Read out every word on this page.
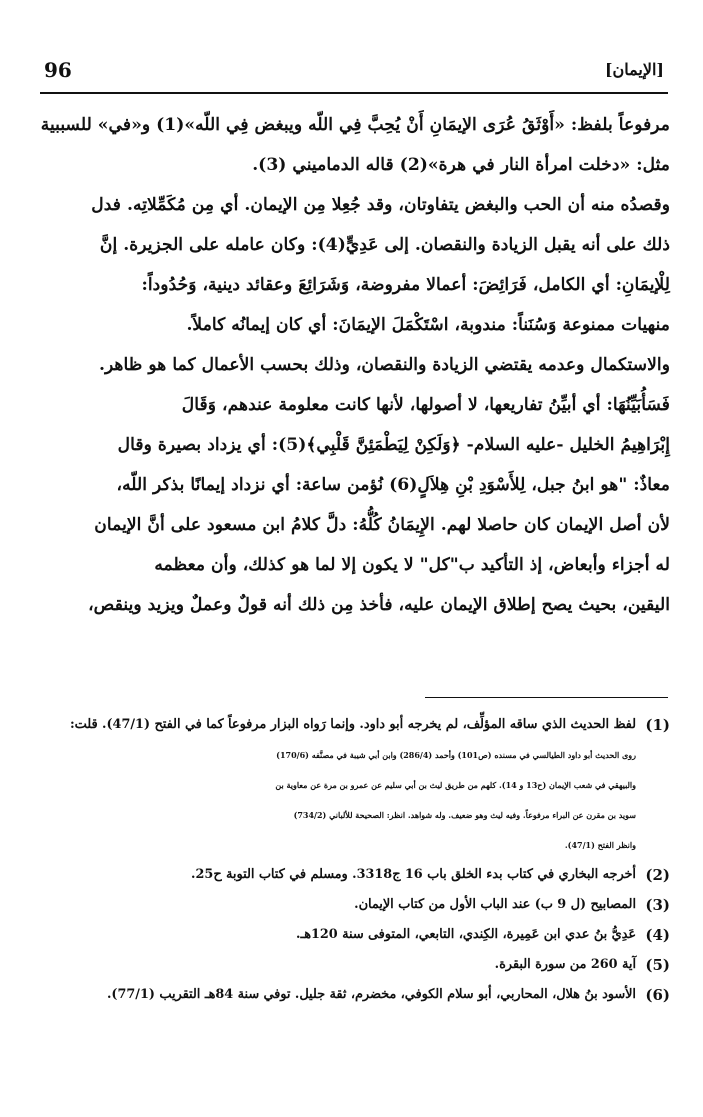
96	[الإيمان]
مرفوعاً بلفظ: «أَوْثَقُ عُرَى الإيمَانِ أَنْ يُحِبَّ فِي اللّه ويبغض فِي اللّه»(1) و«في» للسببية
مثل: «دخلت امرأة النار في هرة»(2) قاله الدماميني (3).
وقصدُه منه أن الحب والبغض يتفاوتان، وقد جُعِلا مِن الإيمان. أي مِن مُكَمِّلاتِه. فدل
ذلك على أنه يقبل الزيادة والنقصان. إلى عَدِيٍّ(4): وكان عامله على الجزيرة. إنَّ
لِلْإيمَانِ: أي الكامل، فَرَائِضَ: أعمالا مفروضة، وَشَرَائِعَ وعقائد دينية، وَحُدُوداً:
منهيات ممنوعة وَسُنَناً: مندوبة، اسْتَكْمَلَ الإيمَانَ: أي كان إيمانُه كاملاً.
والاستكمال وعدمه يقتضي الزيادة والنقصان، وذلك بحسب الأعمال كما هو ظاهر.
فَسَأُبَيِّنُهَا: أي أبيِّنُ تفاريعها، لا أصولها، لأنها كانت معلومة عندهم، وَقَالَ
إِبْرَاهِيمُ الخليل -عليه السلام- ﴿وَلَكِنْ لِيَطْمَئِنَّ قَلْبِي﴾(5): أي يزداد بصيرة وقال
معاذٌ: "هو ابنُ جبل، لِلأَسْوَدِ بْنِ هِلاَلٍ(6) نُؤمن ساعة: أي نزداد إيمانًا بذكر اللّه،
لأن أصل الإيمان كان حاصلا لهم. الإِيمَانُ كُلُّهُ: دلَّ كلامُ ابن مسعود على أنَّ الإيمان
له أجزاء وأبعاض، إذ التأكيد ب"كل" لا يكون إلا لما هو كذلك، وأن معظمه
اليقين، بحيث يصح إطلاق الإيمان عليه، فأخذ مِن ذلك أنه قولٌ وعملٌ ويزيد وينقص،
(1)
لفظ الحديث الذي ساقه المؤلِّف، لم يخرجه أبو داود. وإنما رَواه البزار مرفوعاً كما في الفتح (47/1). قلت:
روى الحديث أبو داود الطيالسي في مسنده (ص101) وأحمد (286/4) وابن أبي شيبة في مصنَّفه (170/6)
والبيهقي في شعب الإيمان (ح13 و 14). كلهم من طريق ليث بن أبي سليم عن عمرو بن مرة عن معاوية بن
سويد بن مقرن عن البراء مرفوعاً. وفيه ليث وهو ضعيف. وله شواهد. انظر: الصحيحة للألباني (734/2)
وانظر الفتح (47/1).
(2)
أخرجه البخاري في كتاب بدء الخلق باب 16 ج3318. ومسلم في كتاب التوبة ح25.
(3)
المصابيح (ل 9 ب) عند الباب الأول من كتاب الإيمان.
(4)
عَدِيُّ بنُ عدي ابن عَمِيرة، الكِندي، التابعي، المتوفى سنة 120هـ.
(5)
آية 260 من سورة البقرة.
(6)
الأسود بنُ هلال، المحاربي، أبو سلام الكوفي، مخضرم، ثقة جليل. توفي سنة 84هـ التقريب (77/1).
